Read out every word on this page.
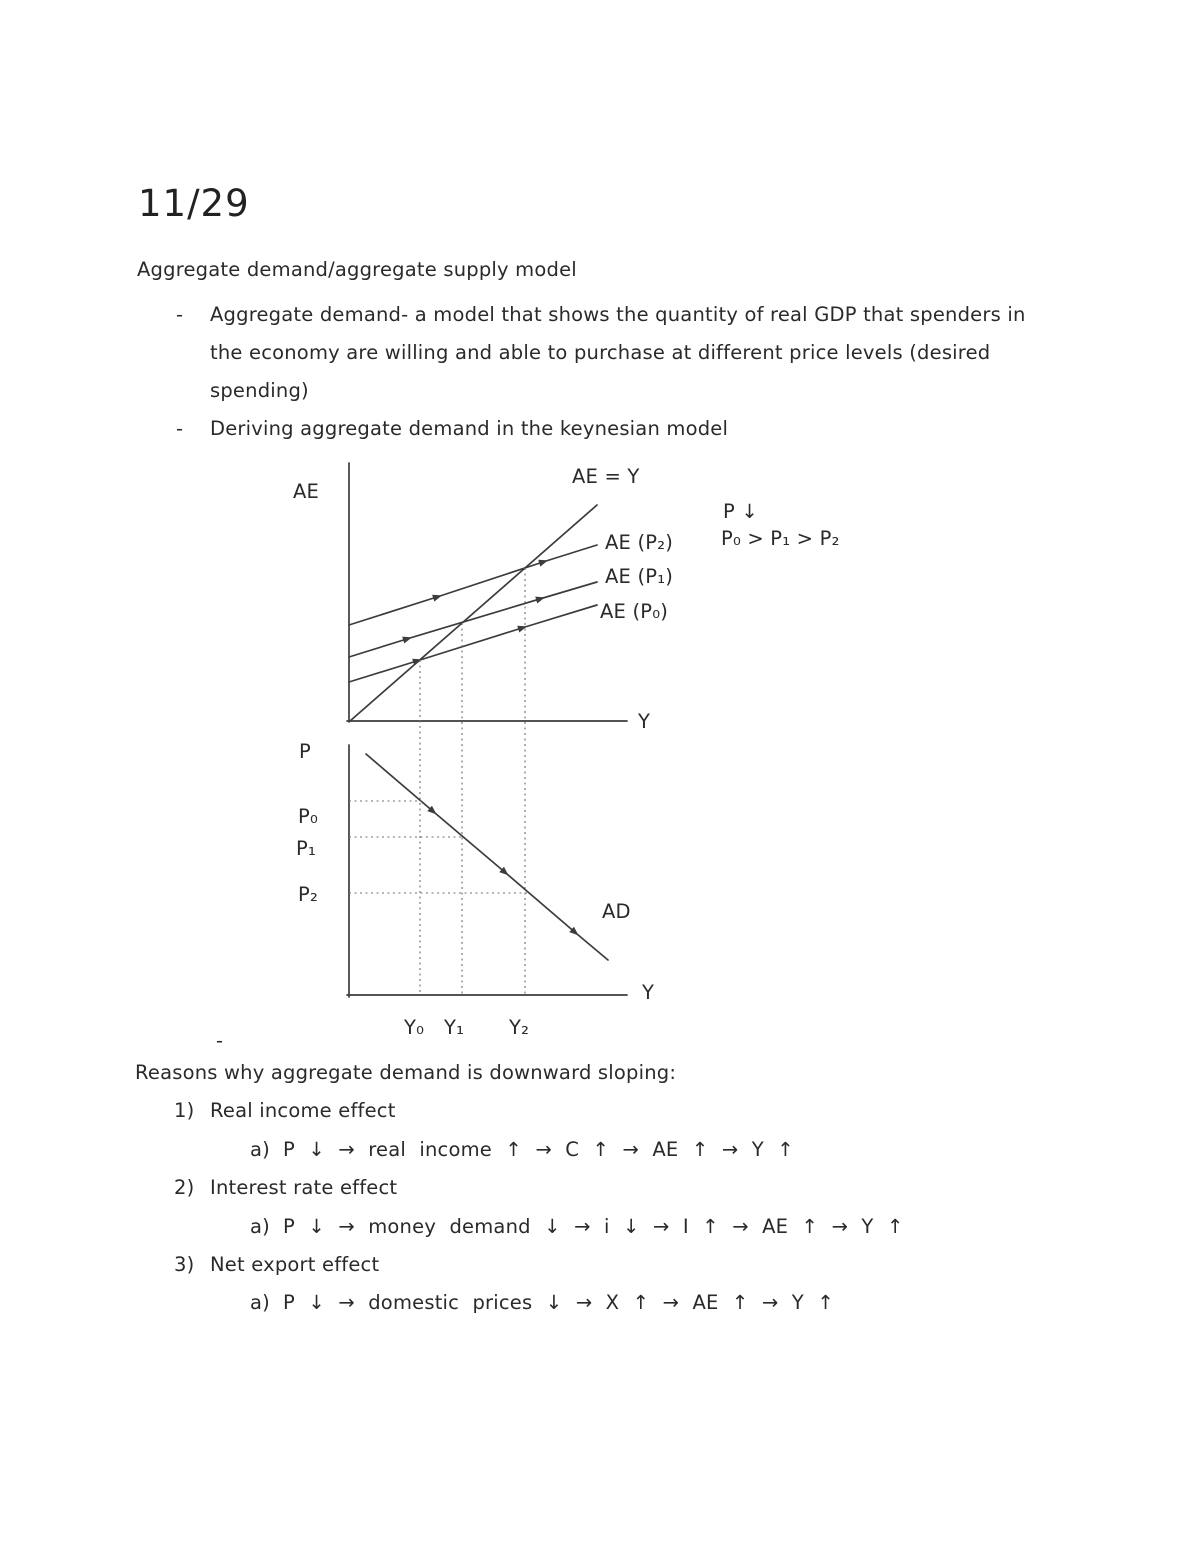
11/29
Aggregate demand/aggregate supply model
-	Aggregate demand- a model that shows the quantity of real GDP that spenders in
the economy are willing and able to purchase at different price levels (desired
spending)
-	Deriving aggregate demand in the keynesian model
AE
AE = Y
AE (P₂)
AE (P₁)
AE (P₀)
Y
P ↓
P₀ > P₁ > P₂
P
P₀
P₁
P₂
AD
Y
Y₀ Y₁ Y₂
-
Reasons why aggregate demand is downward sloping:
1) Real income effect
a) P ↓ → real income ↑ → C ↑ → AE ↑ → Y ↑
2) Interest rate effect
a) P ↓ → money demand ↓ → i ↓ → I ↑ → AE ↑ → Y ↑
3) Net export effect
a) P ↓ → domestic prices ↓ → X ↑ → AE ↑ → Y ↑
